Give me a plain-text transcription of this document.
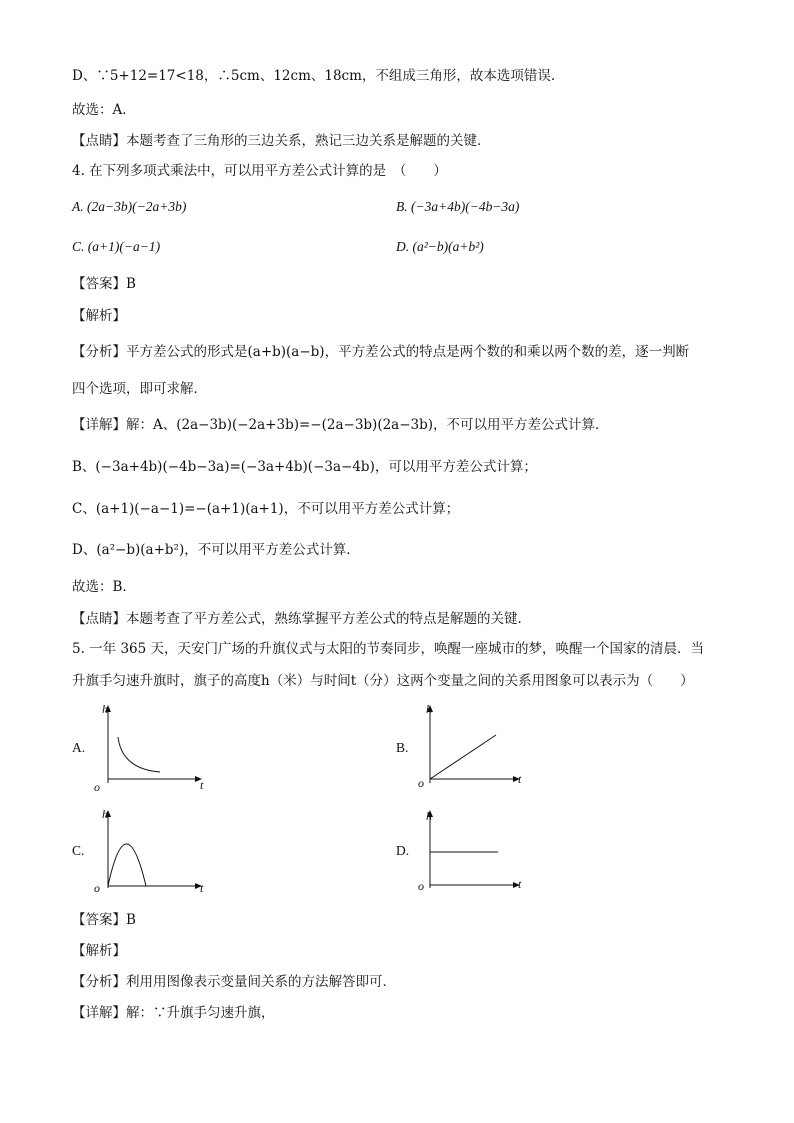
D、∵5+12=17<18，∴5cm、12cm、18cm，不组成三角形，故本选项错误.
故选：A．
【点睛】本题考查了三角形的三边关系，熟记三边关系是解题的关键．
4. 在下列多项式乘法中，可以用平方差公式计算的是　（　　）
A. (2a−3b)(−2a+3b)	B. (−3a+4b)(−4b−3a)
C. (a+1)(−a−1)	D. (a²−b)(a+b²)
【答案】B
【解析】
【分析】平方差公式的形式是(a+b)(a−b)，平方差公式的特点是两个数的和乘以两个数的差，逐一判断
四个选项，即可求解．
【详解】解：A、(2a−3b)(−2a+3b)=−(2a−3b)(2a−3b)，不可以用平方差公式计算．
B、(−3a+4b)(−4b−3a)=(−3a+4b)(−3a−4b)，可以用平方差公式计算；
C、(a+1)(−a−1)=−(a+1)(a+1)，不可以用平方差公式计算；
D、(a²−b)(a+b²)，不可以用平方差公式计算．
故选：B．
【点睛】本题考查了平方差公式，熟练掌握平方差公式的特点是解题的关键．
5. 一年 365 天，天安门广场的升旗仪式与太阳的节奏同步，唤醒一座城市的梦，唤醒一个国家的清晨．当
升旗手匀速升旗时，旗子的高度h（米）与时间t（分）这两个变量之间的关系用图象可以表示为（　　）
A.
h
t
o
B.
h
t
o
C.
h
t
o
D.
h
t
o
【答案】B
【解析】
【分析】利用用图像表示变量间关系的方法解答即可．
【详解】解：∵升旗手匀速升旗，
